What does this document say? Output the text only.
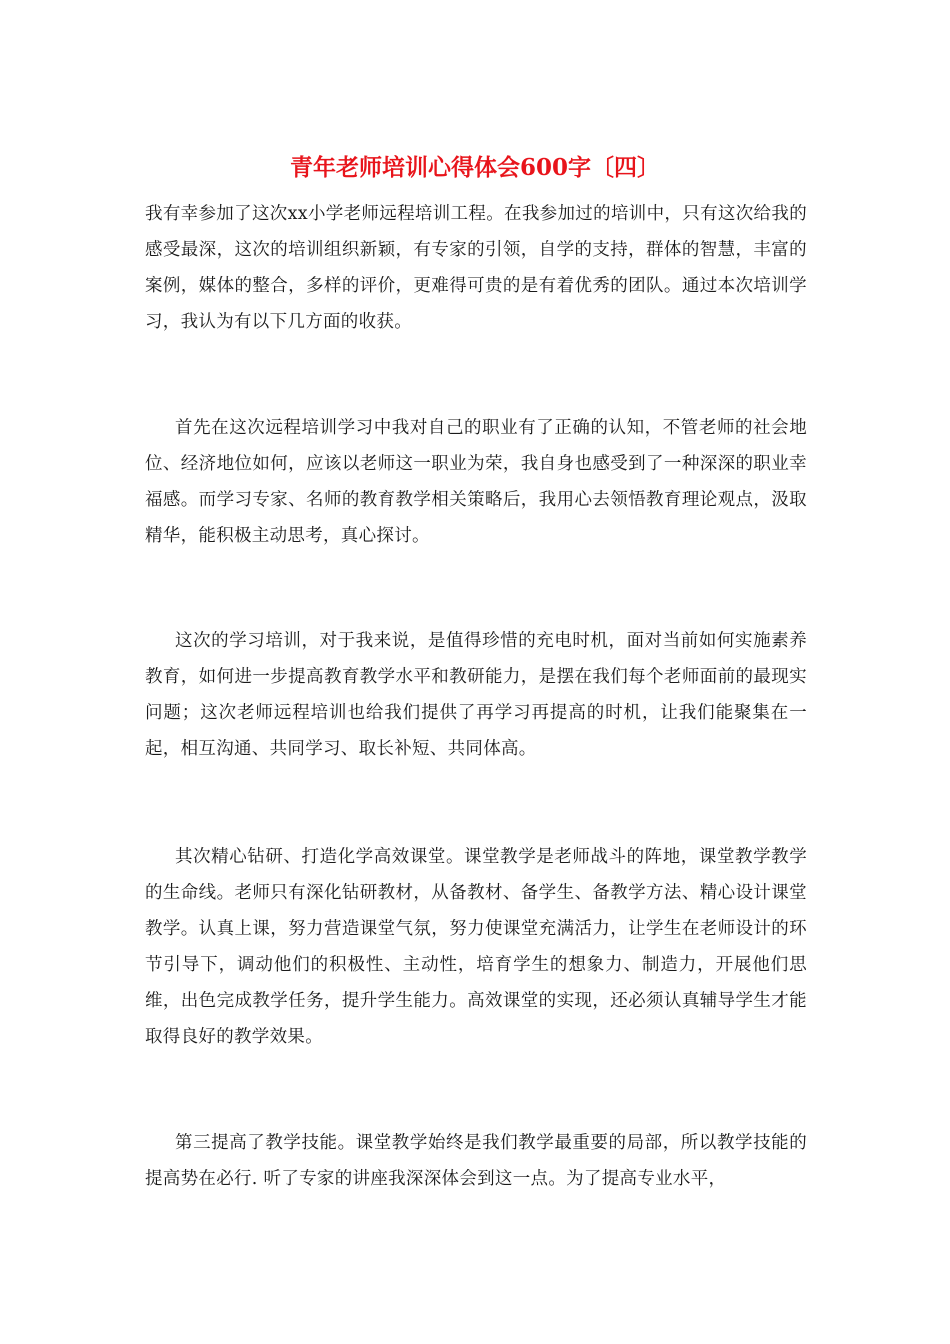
青年老师培训心得体会600字〔四〕

我有幸参加了这次xx小学老师远程培训工程。在我参加过的培训中，只有这次给我的感受最深，这次的培训组织新颖，有专家的引领，自学的支持，群体的智慧，丰富的案例，媒体的整合，多样的评价，更难得可贵的是有着优秀的团队。通过本次培训学习，我认为有以下几方面的收获。

首先在这次远程培训学习中我对自己的职业有了正确的认知，不管老师的社会地位、经济地位如何，应该以老师这一职业为荣，我自身也感受到了一种深深的职业幸福感。而学习专家、名师的教育教学相关策略后，我用心去领悟教育理论观点，汲取精华，能积极主动思考，真心探讨。

这次的学习培训，对于我来说，是值得珍惜的充电时机，面对当前如何实施素养教育，如何进一步提高教育教学水平和教研能力，是摆在我们每个老师面前的最现实问题；这次老师远程培训也给我们提供了再学习再提高的时机，让我们能聚集在一起，相互沟通、共同学习、取长补短、共同体高。

其次精心钻研、打造化学高效课堂。课堂教学是老师战斗的阵地，课堂教学教学的生命线。老师只有深化钻研教材，从备教材、备学生、备教学方法、精心设计课堂教学。认真上课，努力营造课堂气氛，努力使课堂充满活力，让学生在老师设计的环节引导下，调动他们的积极性、主动性，培育学生的想象力、制造力，开展他们思维，出色完成教学任务，提升学生能力。高效课堂的实现，还必须认真辅导学生才能取得良好的教学效果。

第三提高了教学技能。课堂教学始终是我们教学最重要的局部，所以教学技能的提高势在必行. 听了专家的讲座我深深体会到这一点。为了提高专业水平，
